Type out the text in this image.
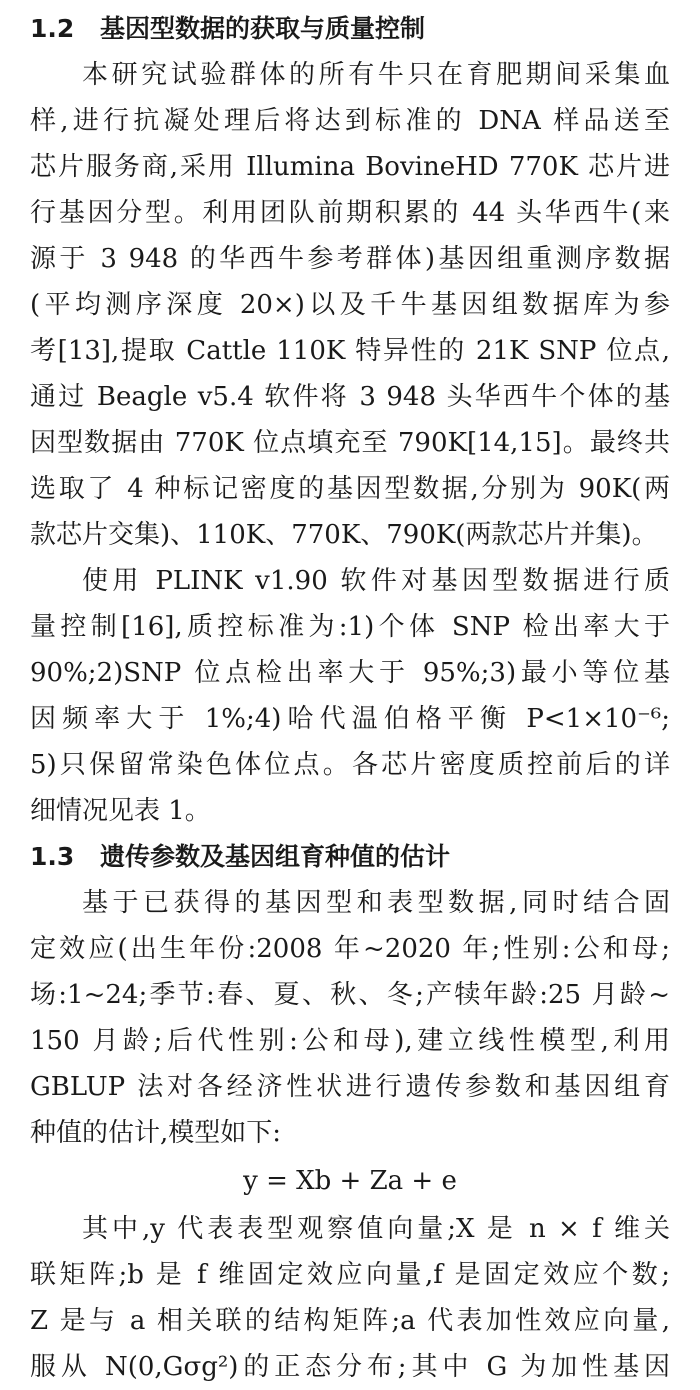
1.2 基因型数据的获取与质量控制
本研究试验群体的所有牛只在育肥期间采集血
样,进行抗凝处理后将达到标准的 DNA 样品送至
芯片服务商,采用 Illumina BovineHD 770K 芯片进
行基因分型。利用团队前期积累的 44 头华西牛(来
源于 3 948 的华西牛参考群体)基因组重测序数据
(平均测序深度 20×)以及千牛基因组数据库为参
考[13],提取 Cattle 110K 特异性的 21K SNP 位点,
通过 Beagle v5.4 软件将 3 948 头华西牛个体的基
因型数据由 770K 位点填充至 790K[14,15]。最终共
选取了 4 种标记密度的基因型数据,分别为 90K(两
款芯片交集)、110K、770K、790K(两款芯片并集)。
使用 PLINK v1.90 软件对基因型数据进行质
量控制[16],质控标准为:1)个体 SNP 检出率大于
90%;2)SNP 位点检出率大于 95%;3)最小等位基
因频率大于 1%;4)哈代温伯格平衡 P<1×10⁻⁶;
5)只保留常染色体位点。各芯片密度质控前后的详
细情况见表 1。
1.3 遗传参数及基因组育种值的估计
基于已获得的基因型和表型数据,同时结合固
定效应(出生年份:2008 年~2020 年;性别:公和母;
场:1~24;季节:春、夏、秋、冬;产犊年龄:25 月龄~
150 月龄;后代性别:公和母),建立线性模型,利用
GBLUP 法对各经济性状进行遗传参数和基因组育
种值的估计,模型如下:
y = Xb + Za + e
其中,y 代表表型观察值向量;X 是 n × f 维关
联矩阵;b 是 f 维固定效应向量,f 是固定效应个数;
Z 是与 a 相关联的结构矩阵;a 代表加性效应向量,
服从 N(0,Gσg²)的正态分布;其中 G 为加性基因
